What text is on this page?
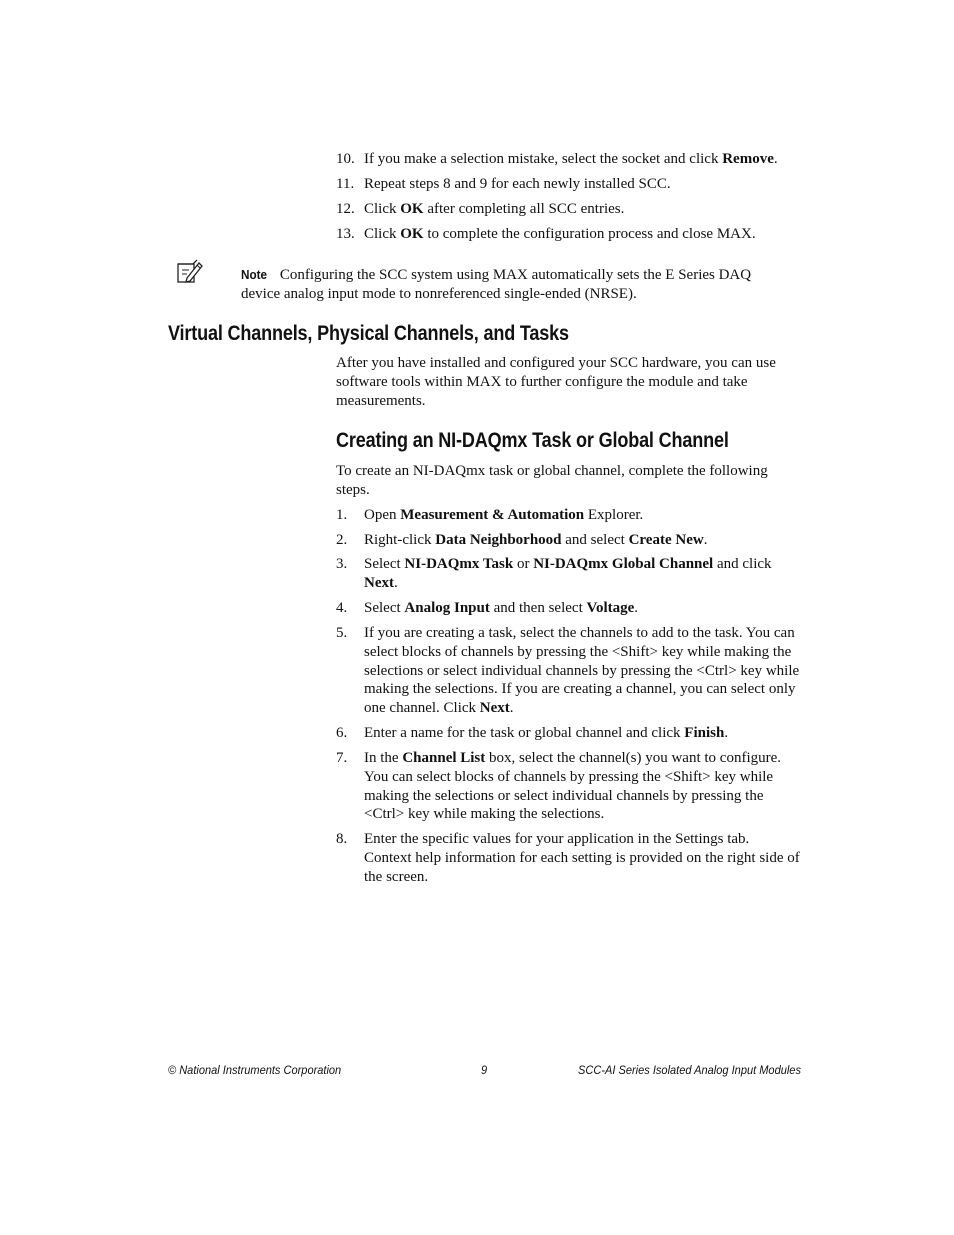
10. If you make a selection mistake, select the socket and click Remove.
11. Repeat steps 8 and 9 for each newly installed SCC.
12. Click OK after completing all SCC entries.
13. Click OK to complete the configuration process and close MAX.
Note Configuring the SCC system using MAX automatically sets the E Series DAQ device analog input mode to nonreferenced single-ended (NRSE).
Virtual Channels, Physical Channels, and Tasks
After you have installed and configured your SCC hardware, you can use software tools within MAX to further configure the module and take measurements.
Creating an NI-DAQmx Task or Global Channel
To create an NI-DAQmx task or global channel, complete the following steps.
1.	Open Measurement & Automation Explorer.
2.	Right-click Data Neighborhood and select Create New.
3.	Select NI-DAQmx Task or NI-DAQmx Global Channel and click Next.
4.	Select Analog Input and then select Voltage.
5.	If you are creating a task, select the channels to add to the task. You can select blocks of channels by pressing the <Shift> key while making the selections or select individual channels by pressing the <Ctrl> key while making the selections. If you are creating a channel, you can select only one channel. Click Next.
6.	Enter a name for the task or global channel and click Finish.
7.	In the Channel List box, select the channel(s) you want to configure. You can select blocks of channels by pressing the <Shift> key while making the selections or select individual channels by pressing the <Ctrl> key while making the selections.
8.	Enter the specific values for your application in the Settings tab. Context help information for each setting is provided on the right side of the screen.
© National Instruments Corporation	9	SCC-AI Series Isolated Analog Input Modules
